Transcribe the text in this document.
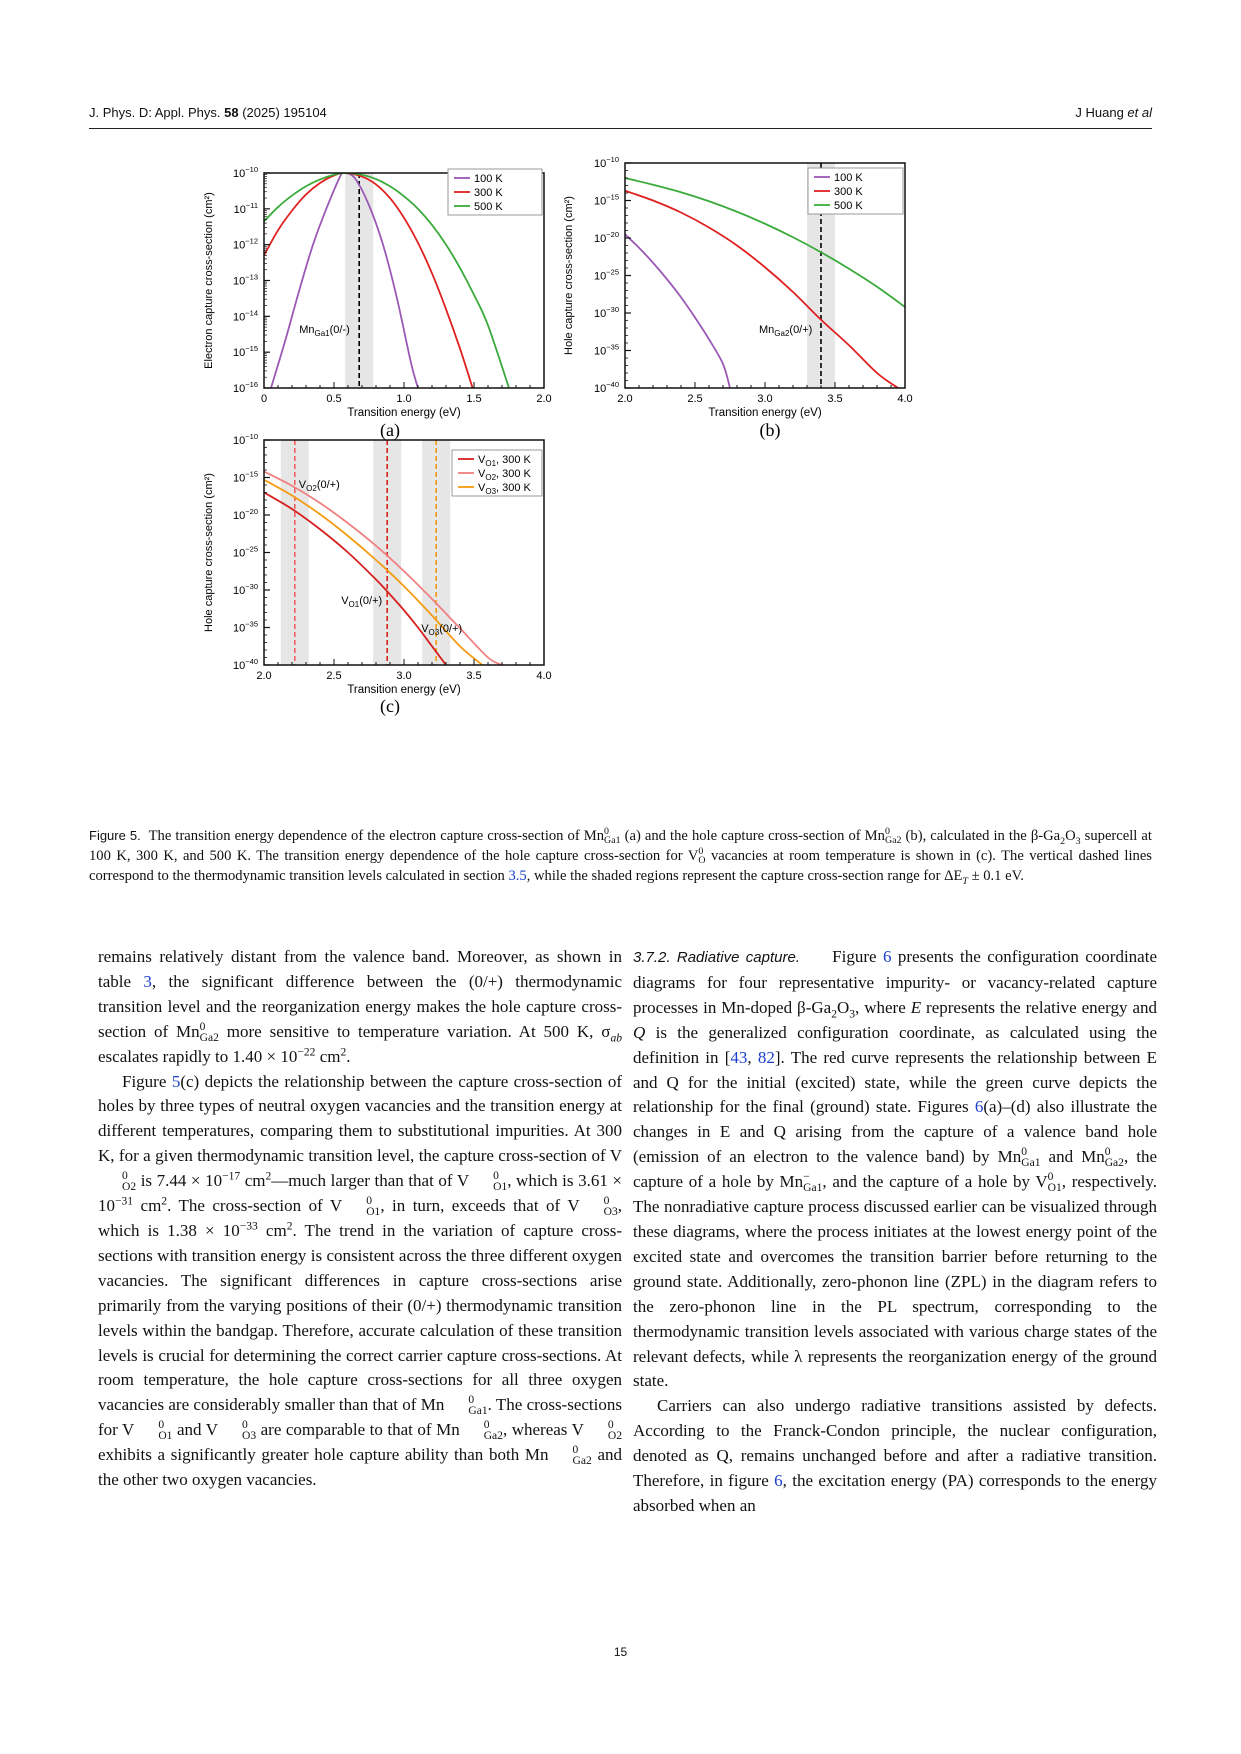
J. Phys. D: Appl. Phys. 58 (2025) 195104	J Huang et al
0	0.5	1.0	1.5	2.0
$10^{-10}$
$10^{-11}$
$10^{-12}$
$10^{-13}$
$10^{-14}$
$10^{-15}$
$10^{-16}$
Transition energy (eV)
Electron capture cross-section (cm²)
100 K
300 K
500 K
$Mn_{Ga1}(0/-)$
2.0	2.5	3.0	3.5	4.0
$10^{-10}$
$10^{-15}$
$10^{-20}$
$10^{-25}$
$10^{-30}$
$10^{-35}$
$10^{-40}$
Transition energy (eV)
Hole capture cross-section (cm²)
100 K
300 K
500 K
$Mn_{Ga2}(0/+)$
2.0	2.5	3.0	3.5	4.0
$10^{-10}$
$10^{-15}$
$10^{-20}$
$10^{-25}$
$10^{-30}$
$10^{-35}$
$10^{-40}$
Transition energy (eV)
Hole capture cross-section (cm²)
$V_{O1}$, 300 K
$V_{O2}$, 300 K
$V_{O3}$, 300 K
$V_{O2}(0/+)$
$V_{O1}(0/+)$
$V_{O3}(0/+)$
(a)	(b)
(c)
Figure 5. The transition energy dependence of the electron capture cross-section of Mn 0
Ga1 (a) and the hole capture cross-section of Mn 0
Ga2 (b), calculated in the $\beta-Ga_2O_3$ supercell at 100 K, 300 K, and 500 K. The transition energy dependence of the hole capture cross-section for V 0
O vacancies at room temperature is shown in (c). The vertical dashed lines correspond to the thermodynamic transition levels calculated in section 3.5, while the shaded regions represent the capture cross-section range for $\Delta E_T \pm 0.1$ eV.

remains relatively distant from the valence band. Moreover, as shown in table 3, the significant difference between the (0/+) thermodynamic transition level and the reorganization energy makes the hole capture cross-section of Mn 0
Ga2 more sensitive to temperature variation. At 500 K, $\sigma_{ab}$ escalates rapidly to $1.40 \times 10^{-22}$ $cm^2$.

Figure 5(c) depicts the relationship between the capture cross-section of holes by three types of neutral oxygen vacancies and the transition energy at different temperatures, comparing them to substitutional impurities. At 300 K, for a given thermodynamic transition level, the capture cross-section of V
0
O2 is $7.44 \times 10^{-17}$ $cm^2—much$ larger than that of V	0
O1 , which is $3.61 \times 10^{-31}$ $cm^2$. The cross-section of V	0
O1 , in turn, exceeds that of V	0
O3 , which is $1.38 \times 10^{-33}$ $cm^2$. The trend in the variation of capture cross-sections with transition energy is consistent across the three different oxygen vacancies. The significant differences in capture cross-sections arise primarily from the varying positions of their (0/+) thermodynamic transition levels within the bandgap. Therefore, accurate calculation of these transition levels is crucial for determining the correct carrier capture cross-sections. At room temperature, the hole capture cross-sections for all three oxygen vacancies are considerably smaller than that of Mn	0
Ga1 . The cross-sections for V	0
O1 and V	0
O3 are comparable to that of Mn	0
Ga2 , whereas V	0
O2
exhibits a significantly greater hole capture ability than both Mn	0
Ga2 and the other two oxygen vacancies.

3.7.2. Radiative capture. Figure 6 presents the configuration coordinate diagrams for four representative impurity- or vacancy-related capture processes in Mn-doped $\beta-Ga_2O_3$, where E represents the relative energy and Q is the generalized configuration coordinate, as calculated using the definition in [43, 82]. The red curve represents the relationship between E and Q for the initial (excited) state, while the green curve depicts the relationship for the final (ground) state. Figures 6(a)–(d) also illustrate the changes in E and Q arising from the capture of a valence band hole (emission of an electron to the valence band) by Mn 0
Ga1 and Mn 0
Ga2 , the capture of a hole by Mn −
Ga1 , and the capture of a hole by V 0
O1 , respectively. The nonradiative capture process discussed earlier can be visualized through these diagrams, where the process initiates at the lowest energy point of the excited state and overcomes the transition barrier before returning to the ground state. Additionally, zero-phonon line (ZPL) in the diagram refers to the zero-phonon line in the PL spectrum, corresponding to the thermodynamic transition levels associated with various charge states of the relevant defects, while λ represents the reorganization energy of the ground state.

Carriers can also undergo radiative transitions assisted by defects. According to the Franck-Condon principle, the nuclear configuration, denoted as Q, remains unchanged before and after a radiative transition. Therefore, in figure 6, the excitation energy (PA) corresponds to the energy absorbed when an

15
